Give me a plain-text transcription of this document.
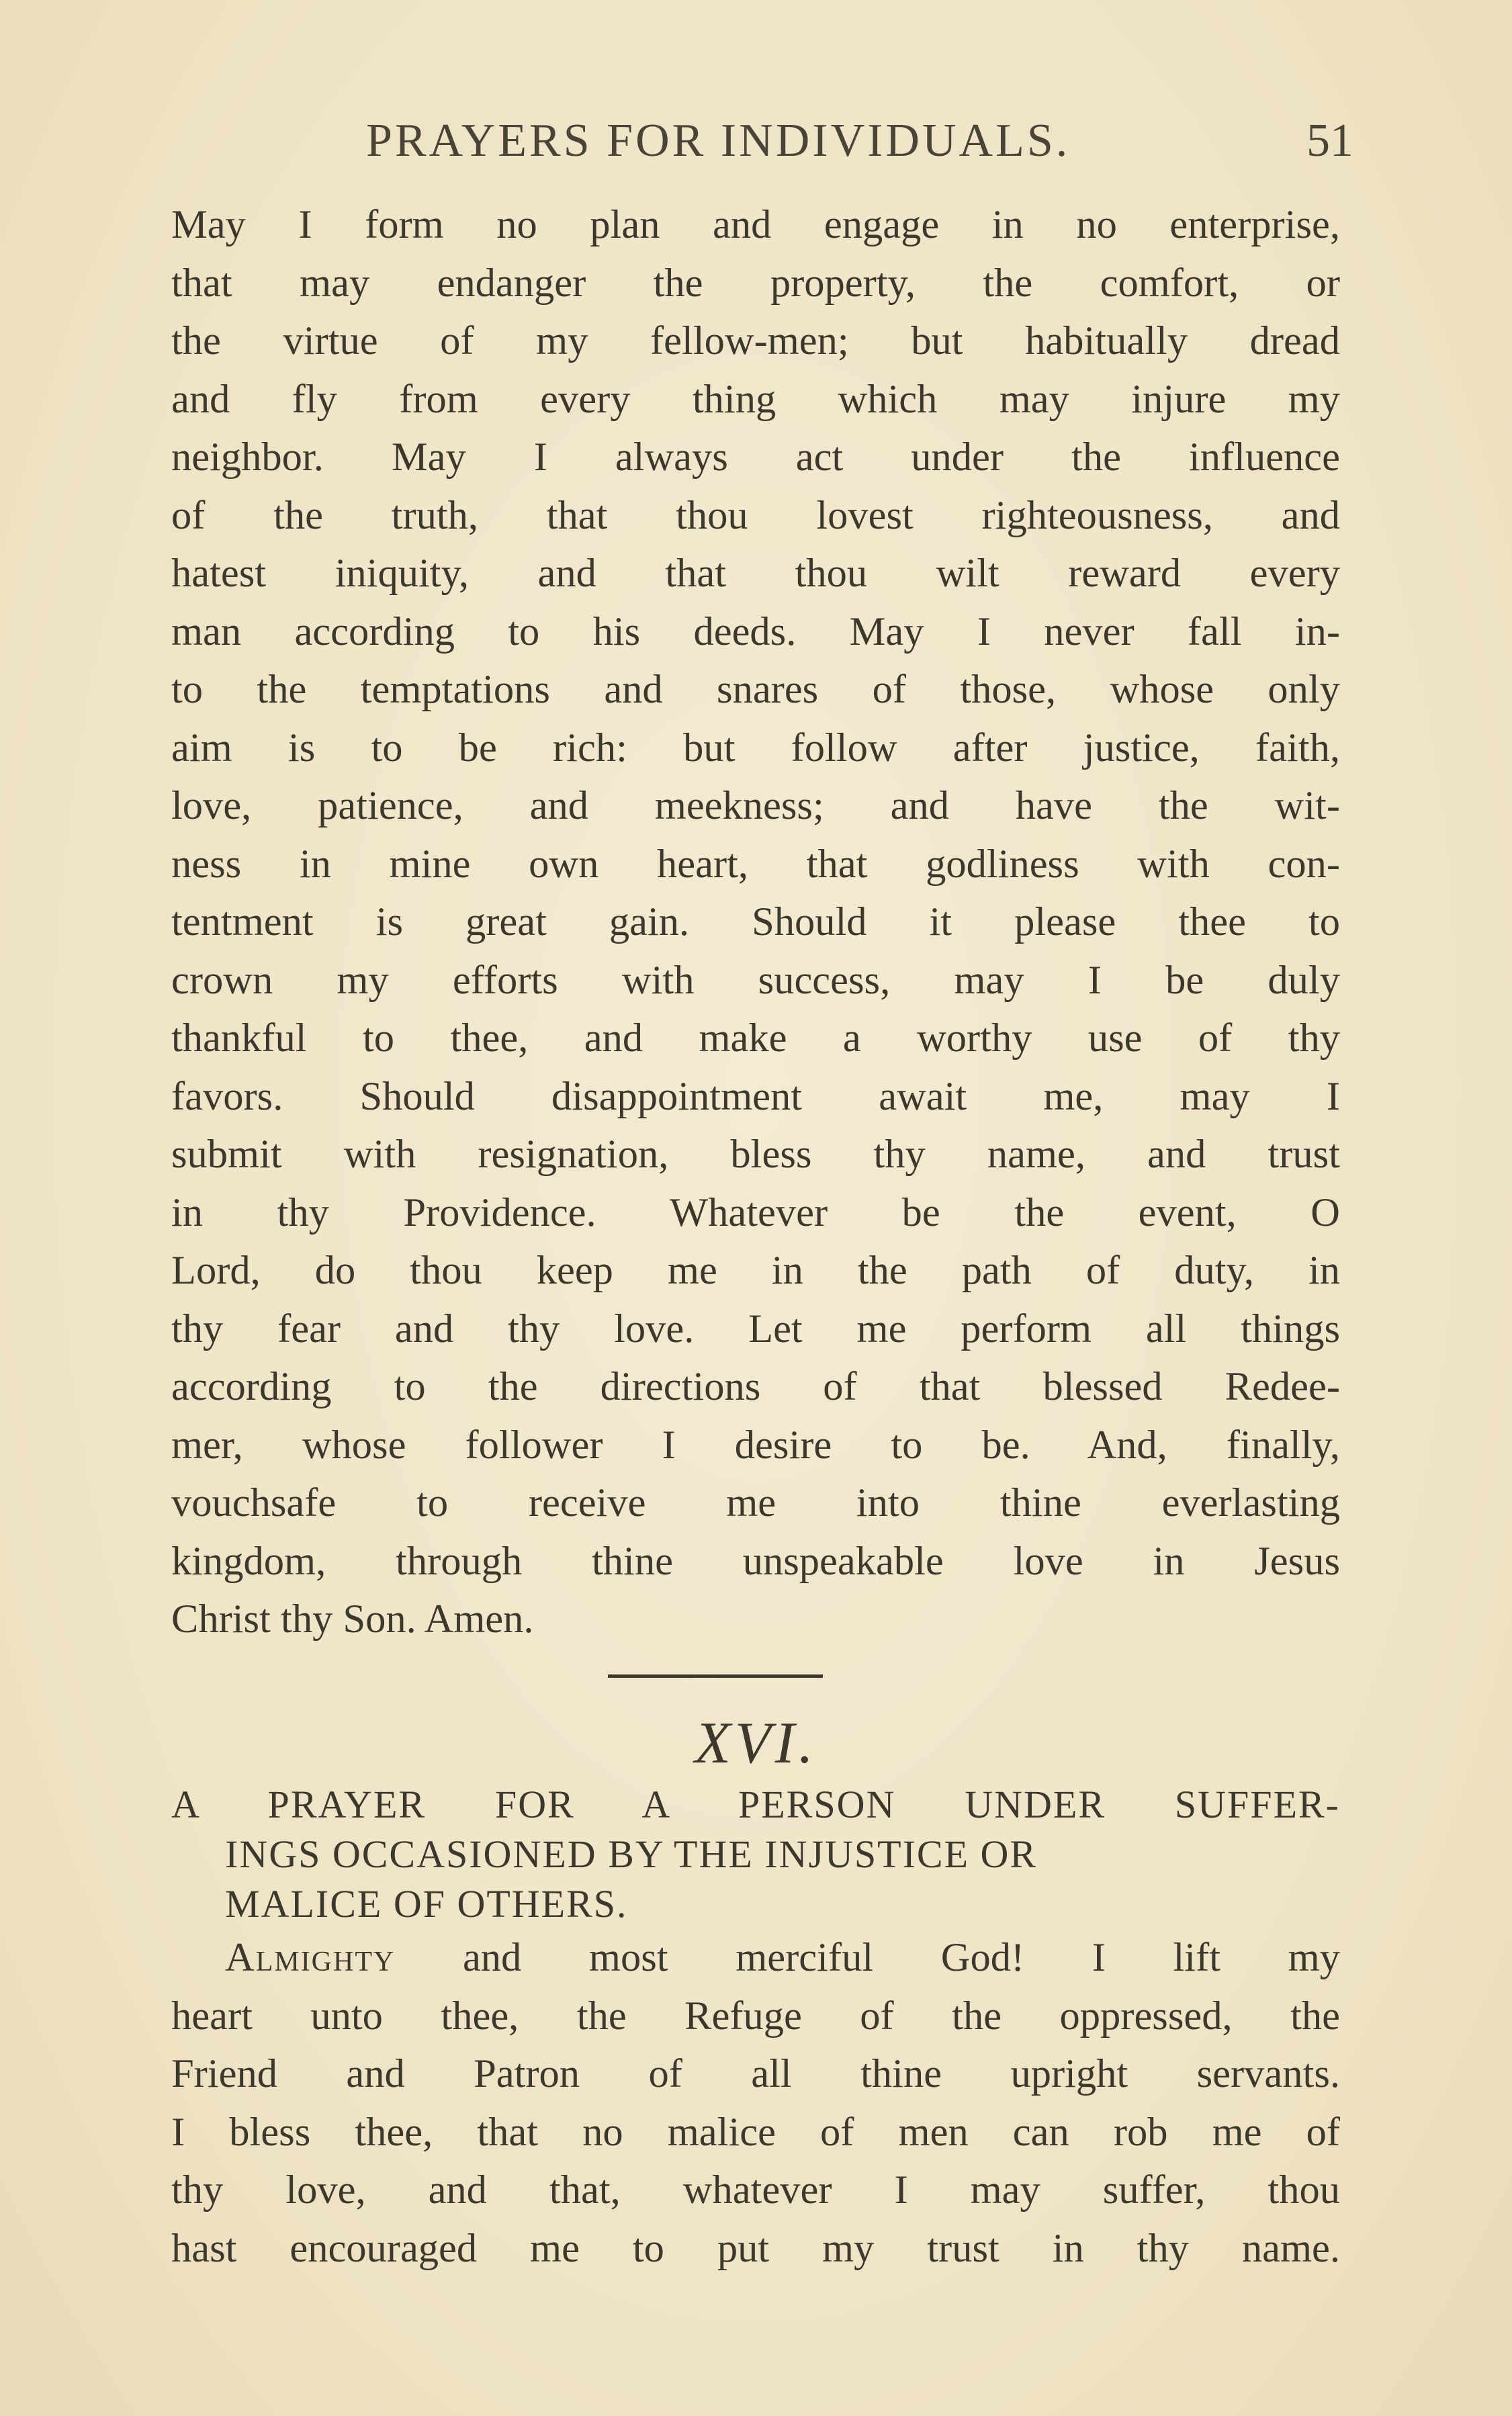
PRAYERS FOR INDIVIDUALS.	51
May I form no plan and engage in no enterprise,
that may endanger the property, the comfort, or
the virtue of my fellow-men; but habitually dread
and fly from every thing which may injure my
neighbor. May I always act under the influence
of the truth, that thou lovest righteousness, and
hatest iniquity, and that thou wilt reward every
man according to his deeds. May I never fall in-
to the temptations and snares of those, whose only
aim is to be rich: but follow after justice, faith,
love, patience, and meekness; and have the wit-
ness in mine own heart, that godliness with con-
tentment is great gain. Should it please thee to
crown my efforts with success, may I be duly
thankful to thee, and make a worthy use of thy
favors. Should disappointment await me, may I
submit with resignation, bless thy name, and trust
in thy Providence. Whatever be the event, O
Lord, do thou keep me in the path of duty, in
thy fear and thy love. Let me perform all things
according to the directions of that blessed Redee-
mer, whose follower I desire to be. And, finally,
vouchsafe to receive me into thine everlasting
kingdom, through thine unspeakable love in Jesus
Christ thy Son. Amen.
XVI.
A PRAYER FOR A PERSON UNDER SUFFER-
INGS OCCASIONED BY THE INJUSTICE OR
MALICE OF OTHERS.
Almighty and most merciful God! I lift my
heart unto thee, the Refuge of the oppressed, the
Friend and Patron of all thine upright servants.
I bless thee, that no malice of men can rob me of
thy love, and that, whatever I may suffer, thou
hast encouraged me to put my trust in thy name.
